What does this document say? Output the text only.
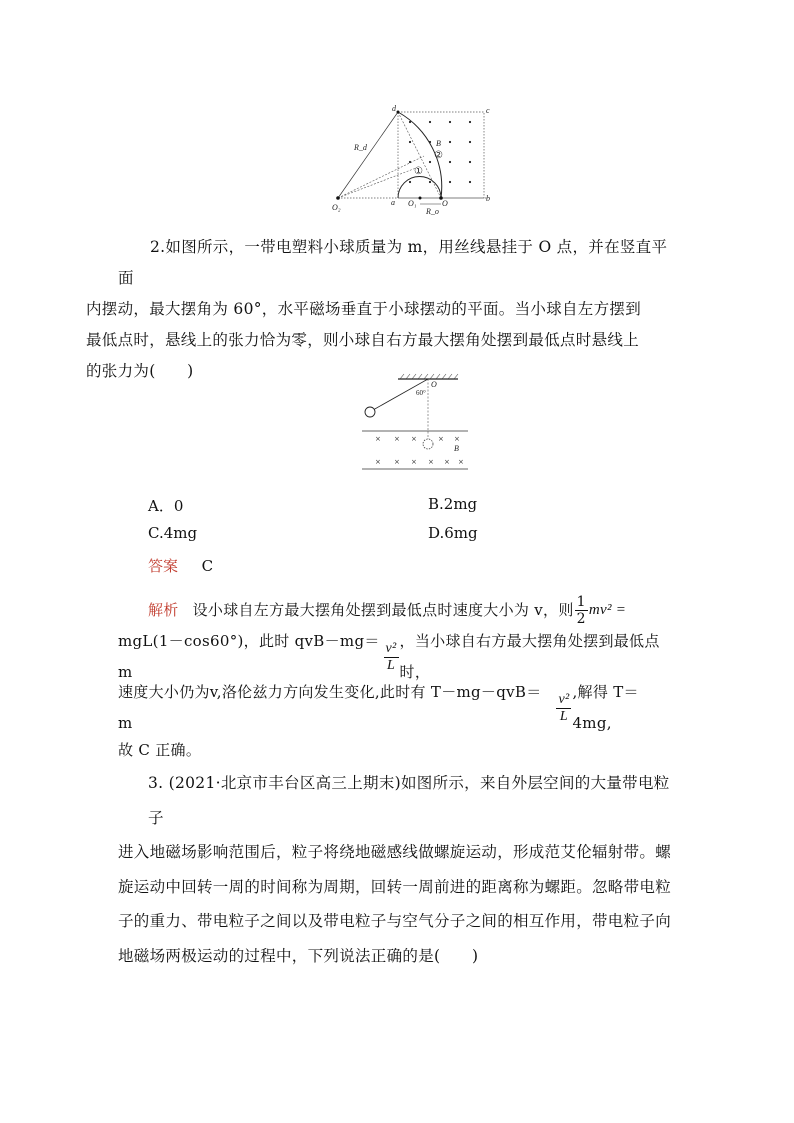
d	c
b
a	O
O₁
O₂
R_d
R_o
B
②
①
2.如图所示，一带电塑料小球质量为 m，用丝线悬挂于 O 点，并在竖直平面
内摆动，最大摆角为 60°，水平磁场垂直于小球摆动的平面。当小球自左方摆到
最低点时，悬线上的张力恰为零，则小球自右方最大摆角处摆到最低点时悬线上
的张力为(　　)
× × ×	× ×
× × × × × ×
O
60°
B
A．0	B.2mg
C.4mg	D.6mg
答案 C
解析 设小球自左方最大摆角处摆到最低点时速度大小为 v，则 $\frac{1}{2} mv^2$ =
mgL(1－cos60°)，此时 qvB－mg＝m	$\frac{\text{v²}}{L}$
，当小球自右方最大摆角处摆到最低点时，
速度大小仍为v,洛伦兹力方向发生变化,此时有 T－mg－qvB＝m	$\frac{\text{v²}}{L}$
,解得 T＝4mg,
故 C 正确。
3. (2021·北京市丰台区高三上期末)如图所示，来自外层空间的大量带电粒子
进入地磁场影响范围后，粒子将绕地磁感线做螺旋运动，形成范艾伦辐射带。螺
旋运动中回转一周的时间称为周期，回转一周前进的距离称为螺距。忽略带电粒
子的重力、带电粒子之间以及带电粒子与空气分子之间的相互作用，带电粒子向
地磁场两极运动的过程中，下列说法正确的是(　　)
